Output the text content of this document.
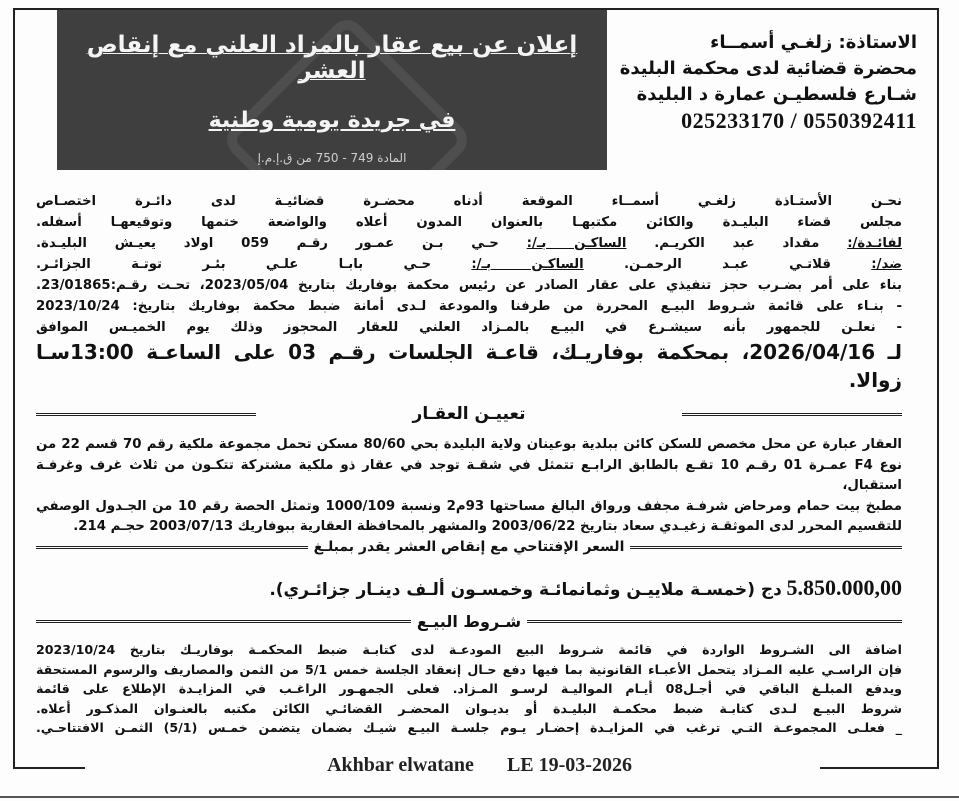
إعلان عن بيع عقار بالمزاد العلني مع إنقاص العشر
في جريدة يومية وطنية
المادة 749 - 750 من ق.إ.م.إ
الاستاذة: زلغـي أسمــاء
محضرة قضائية لدى محكمة البليدة
شـارع فلسطيـن عمارة د البليدة
025233170 / 0550392411
نحـن الأستـاذة زلغـي أسمــاء الموقعة أدناه محضـرة قضائيـة لدى دائـرة اختصـاص
مجلس قضاء البليـدة والكائن مكتبهـا بالعنوان المدون أعلاه والواضعة ختمها وتوقيعهـا أسفله.
لفائـدة/: مقداد عبد الكريـم. الساكـن بـ/: حـي بـن عمـور رقـم 059 اولاد يعيـش البليـدة.
ضد/: قلاتـي عبـد الرحمـن. الساكـن بـ/: حـي بابـا علـي بئـر توتـة الجزائـر.
بناء على أمر بضـرب حجز تنفيذي على عقار الصادر عن رئيس محكمة بوفاريك بتاريخ 2023/05/04، تحـت رقـم:23/01865.
- بنـاء على قائمة شـروط البيـع المحررة من طرفنا والمودعة لـدى أمانة ضبط محكمة بوفاريك بتاريخ: 2023/10/24
- نعلـن للجمهور بأنه سيشـرع في البيـع بالمـزاد العلني للعقار المحجوز وذلك يوم الخميـس الموافق
لـ 2026/04/16، بمحكمة بوفاريـك، قاعـة الجلسات رقـم 03 على الساعـة 13:00سـا زوالا.
تعييـن العقـار
العقار عبارة عن محل مخصص للسكن كائن ببلدية بوعينان ولاية البليدة بحي 80/60 مسكن تحمل مجموعة ملكية رقم 70 قسم 22 من
نوع F4 عمـرة 01 رقـم 10 تقـع بالطابق الرابـع تتمثل في شقـة توجد في عقار ذو ملكية مشتركة تتكـون من ثلاث غرف وغرفـة استقبال،
مطبخ بيت حمام ومرحاض شرفـة مجفف ورواق البالغ مساحتها 93م2 ونسبة 1000/109 وتمثل الحصة رقم 10 من الجـدول الوصفي
للتقسيم المحرر لدى الموثقـة زغيـدي سعاد بتاريخ 2003/06/22 والمشهر بالمحافظة العقارية ببوفاريك 2003/07/13 حجـم 214.
السعر الإفتتاحي مع إنقاص العشر يقدر بمبلـغ
5.850.000,00 دج (خمسـة ملاييـن وثمانمائـة وخمسـون ألـف دينـار جزائـري).
شـروط البيـع
اضافة الى الشـروط الواردة في قائمة شـروط البيع المودعـة لدى كتابـة ضبط المحكمـة بوفاريـك بتاريخ 2023/10/24
فإن الراسـي عليه المـزاد يتحمل الأعبـاء القانونية بما فيها دفع حـال إنعقاد الجلسة خمس 5/1 من الثمن والمصاريف والرسوم المستحقة
ويدفع المبلـغ الباقي في أجـل08 أيـام المواليـة لرسـو المـزاد. فعلى الجمهـور الراغـب في المزايـدة الإطلاع على قائمة
شروط البيـع لـدى كتابـة ضبط محكمـة البليـدة أو بديـوان المحضـر القضائـي الكائن مكتبه بالعنـوان المذكـور أعلاه.
_ فعلـى المجموعـة التـي ترغب في المزايـدة إحضـار يـوم جلسـة البيـع شيـك بضمان يتضمن خمـس (5/1) الثمـن الافتتاحـي.
Akhbar elwatane LE 19-03-2026
